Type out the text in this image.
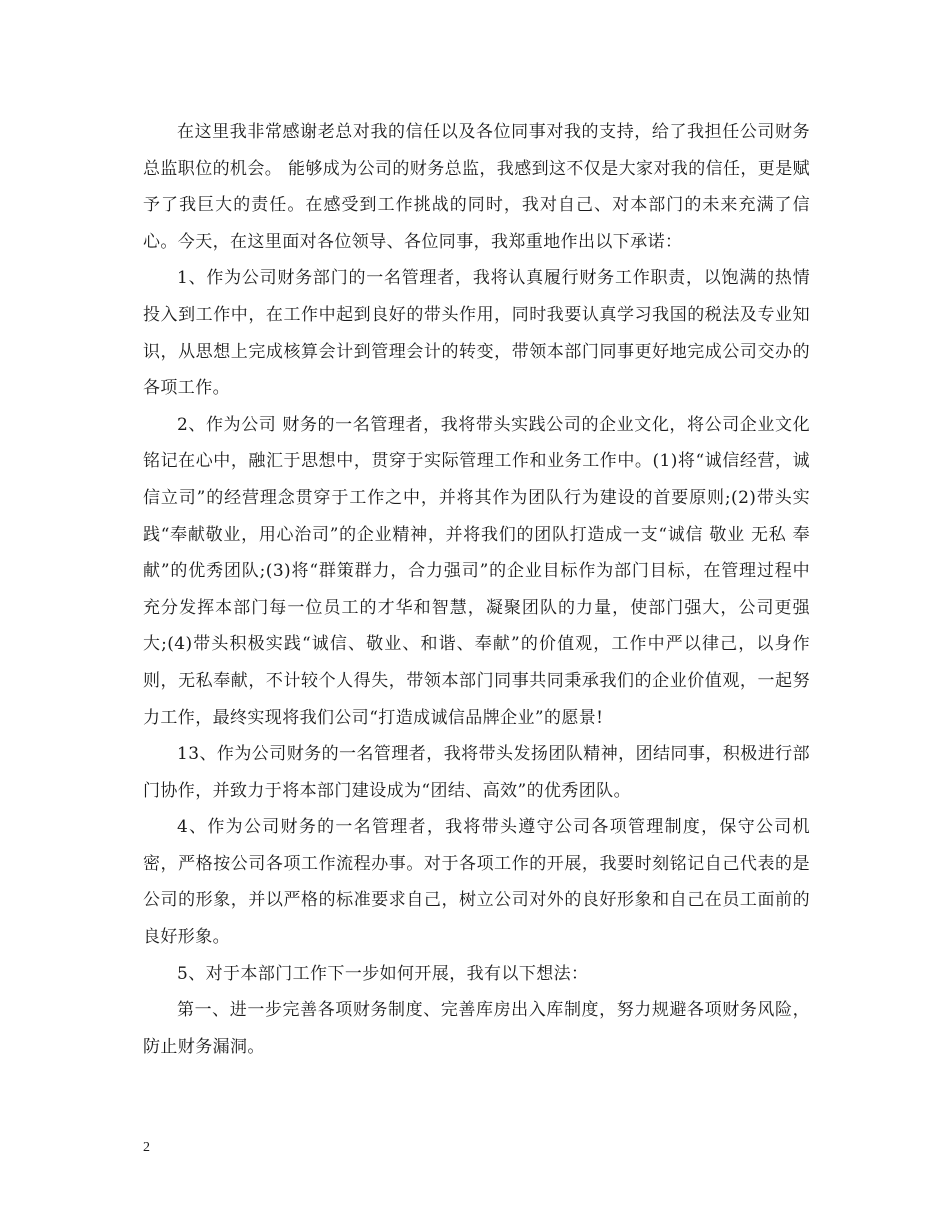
在这里我非常感谢老总对我的信任以及各位同事对我的支持，给了我担任公司财务总监职位的机会。 能够成为公司的财务总监，我感到这不仅是大家对我的信任，更是赋予了我巨大的责任。在感受到工作挑战的同时，我对自己、对本部门的未来充满了信心。今天，在这里面对各位领导、各位同事，我郑重地作出以下承诺：

1、作为公司财务部门的一名管理者，我将认真履行财务工作职责，以饱满的热情投入到工作中，在工作中起到良好的带头作用，同时我要认真学习我国的税法及专业知识，从思想上完成核算会计到管理会计的转变，带领本部门同事更好地完成公司交办的各项工作。

2、作为公司 财务的一名管理者，我将带头实践公司的企业文化，将公司企业文化铭记在心中，融汇于思想中，贯穿于实际管理工作和业务工作中。(1)将“诚信经营，诚信立司”的经营理念贯穿于工作之中，并将其作为团队行为建设的首要原则;(2)带头实践“奉献敬业，用心治司”的企业精神，并将我们的团队打造成一支“诚信 敬业 无私 奉献”的优秀团队;(3)将“群策群力，合力强司”的企业目标作为部门目标，在管理过程中充分发挥本部门每一位员工的才华和智慧，凝聚团队的力量，使部门强大，公司更强大;(4)带头积极实践“诚信、敬业、和谐、奉献”的价值观，工作中严以律己，以身作则，无私奉献，不计较个人得失，带领本部门同事共同秉承我们的企业价值观，一起努力工作，最终实现将我们公司“打造成诚信品牌企业”的愿景!

13、作为公司财务的一名管理者，我将带头发扬团队精神，团结同事，积极进行部门协作，并致力于将本部门建设成为“团结、高效”的优秀团队。

4、作为公司财务的一名管理者，我将带头遵守公司各项管理制度，保守公司机密，严格按公司各项工作流程办事。对于各项工作的开展，我要时刻铭记自己代表的是公司的形象，并以严格的标准要求自己，树立公司对外的良好形象和自己在员工面前的良好形象。

5、对于本部门工作下一步如何开展，我有以下想法：

第一、进一步完善各项财务制度、完善库房出入库制度，努力规避各项财务风险，防止财务漏洞。

2
